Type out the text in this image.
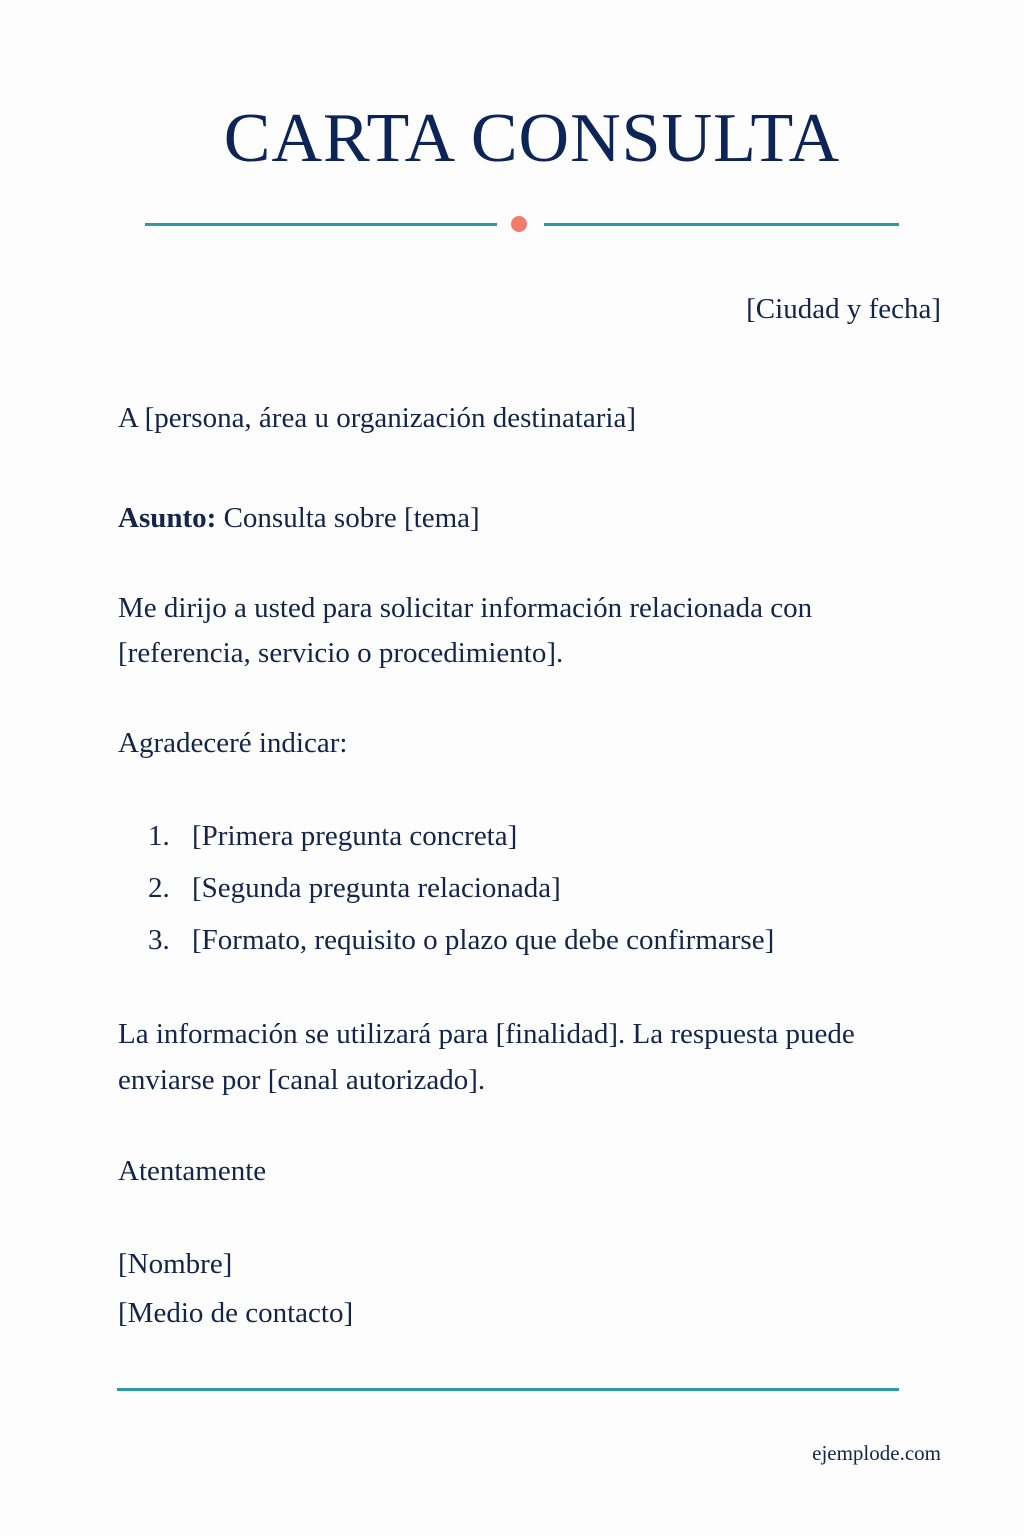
CARTA CONSULTA
[Ciudad y fecha]

A [persona, área u organización destinataria]

Asunto: Consulta sobre [tema]

Me dirijo a usted para solicitar información relacionada con [referencia, servicio o procedimiento].

Agradeceré indicar:

1. [Primera pregunta concreta]
2. [Segunda pregunta relacionada]
3. [Formato, requisito o plazo que debe confirmarse]

La información se utilizará para [finalidad]. La respuesta puede enviarse por [canal autorizado].

Atentamente

[Nombre]

[Medio de contacto]

ejemplode.com
